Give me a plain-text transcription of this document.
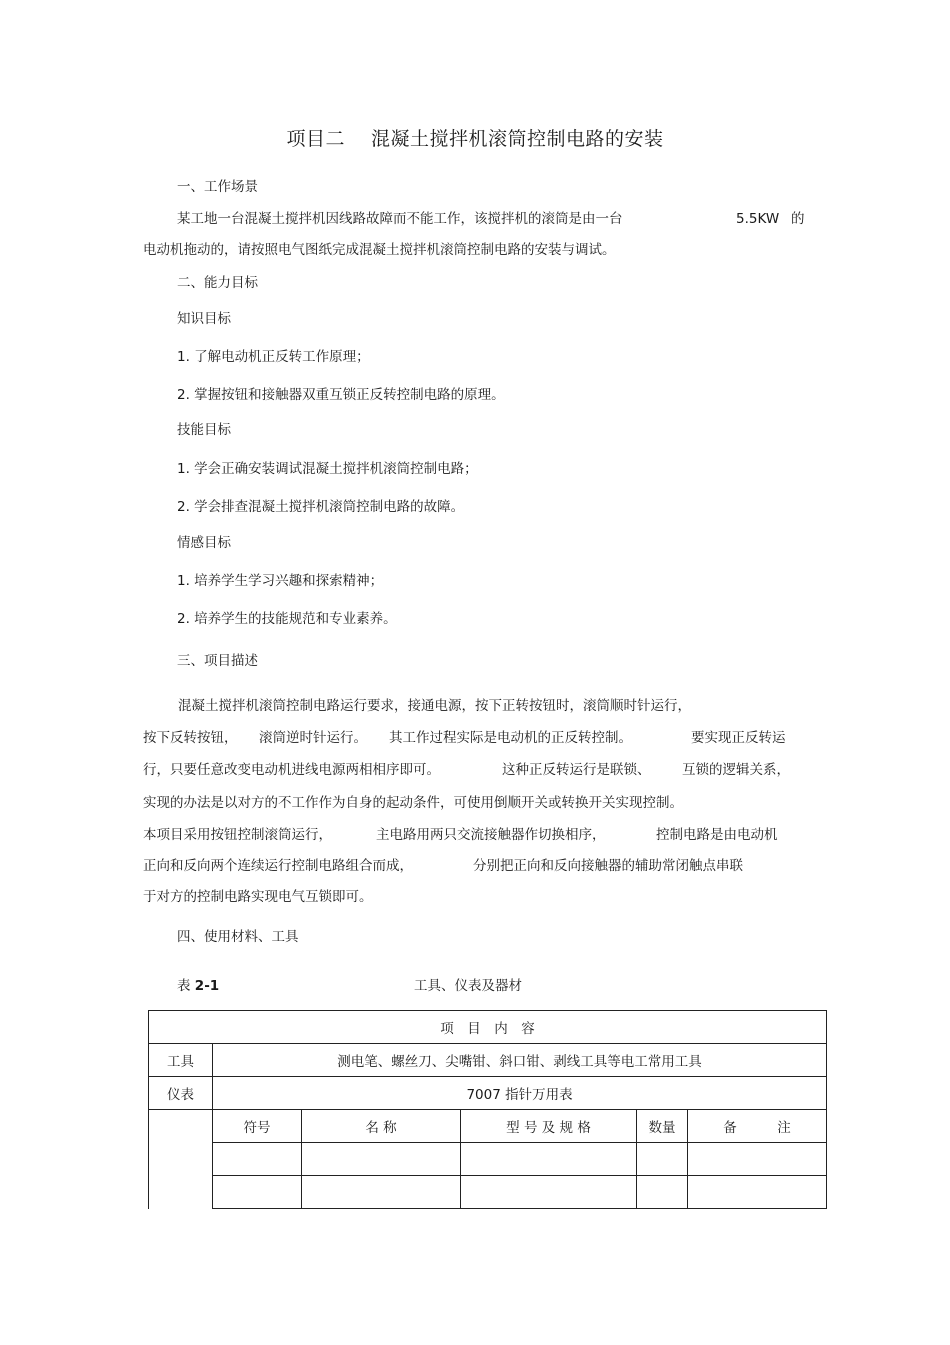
项目二 混凝土搅拌机滚筒控制电路的安装
一、工作场景
某工地一台混凝土搅拌机因线路故障而不能工作，该搅拌机的滚筒是由一台	5.5KW 的
电动机拖动的，请按照电气图纸完成混凝土搅拌机滚筒控制电路的安装与调试。
二、能力目标
知识目标
1. 了解电动机正反转工作原理；
2. 掌握按钮和接触器双重互锁正反转控制电路的原理。
技能目标
1. 学会正确安装调试混凝土搅拌机滚筒控制电路；
2. 学会排查混凝土搅拌机滚筒控制电路的故障。
情感目标
1. 培养学生学习兴趣和探索精神；
2. 培养学生的技能规范和专业素养。
三、项目描述
混凝土搅拌机滚筒控制电路运行要求，接通电源，按下正转按钮时，滚筒顺时针运行，
按下反转按钮， 滚筒逆时针运行。 其工作过程实际是电动机的正反转控制。	要实现正反转运
行，只要任意改变电动机进线电源两相相序即可。	这种正反转运行是联锁、 互锁的逻辑关系，
实现的办法是以对方的不工作作为自身的起动条件，可使用倒顺开关或转换开关实现控制。
本项目采用按钮控制滚筒运行，	主电路用两只交流接触器作切换相序，	控制电路是由电动机
正向和反向两个连续运行控制电路组合而成，	分别把正向和反向接触器的辅助常闭触点串联
于对方的控制电路实现电气互锁即可。
四、使用材料、工具
表 2-1	工具、仪表及器材
项　目　内　容					
工具	测电笔、螺丝刀、尖嘴钳、斜口钳、剥线工具等电工常用工具				
仪表	7007 指针万用表				
	符号	名 称	型 号 及 规 格	数量	备　　　注
